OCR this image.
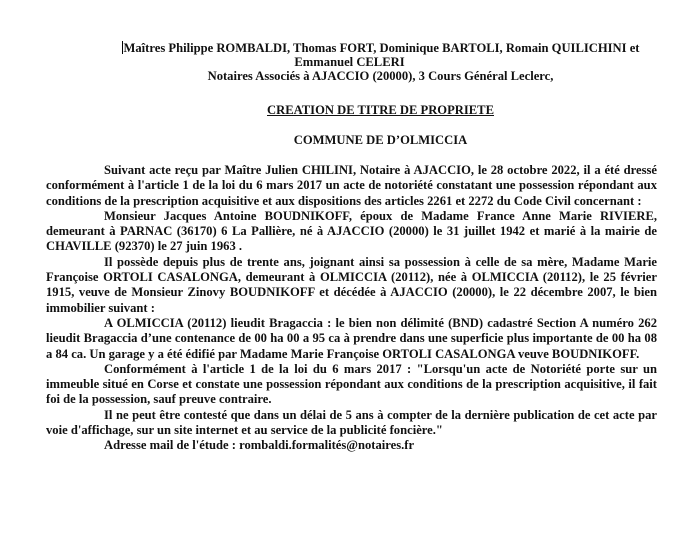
Maîtres Philippe ROMBALDI, Thomas FORT, Dominique BARTOLI, Romain QUILICHINI et
Emmanuel CELERI
Notaires Associés à AJACCIO (20000), 3 Cours Général Leclerc,
CREATION DE TITRE DE PROPRIETE
COMMUNE DE D’OLMICCIA

Suivant acte reçu par Maître Julien CHILINI, Notaire à AJACCIO, le 28 octobre 2022, il a été dressé conformément à l'article 1 de la loi du 6 mars 2017 un acte de notoriété constatant une possession répondant aux conditions de la prescription acquisitive et aux dispositions des articles 2261 et 2272 du Code Civil concernant :

Monsieur Jacques Antoine BOUDNIKOFF, époux de Madame France Anne Marie RIVIERE, demeurant à PARNAC (36170) 6 La Pallière, né à AJACCIO (20000) le 31 juillet 1942 et marié à la mairie de CHAVILLE (92370) le 27 juin 1963 .

Il possède depuis plus de trente ans, joignant ainsi sa possession à celle de sa mère, Madame Marie Françoise ORTOLI CASALONGA, demeurant à OLMICCIA (20112), née à OLMICCIA (20112), le 25 février 1915, veuve de Monsieur Zinovy BOUDNIKOFF et décédée à AJACCIO (20000), le 22 décembre 2007, le bien immobilier suivant :

A OLMICCIA (20112) lieudit Bragaccia : le bien non délimité (BND) cadastré Section A numéro 262 lieudit Bragaccia d’une contenance de 00 ha 00 a 95 ca à prendre dans une superficie plus importante de 00 ha 08 a 84 ca. Un garage y a été édifié par Madame Marie Françoise ORTOLI CASALONGA veuve BOUDNIKOFF.

Conformément à l'article 1 de la loi du 6 mars 2017 : "Lorsqu'un acte de Notoriété porte sur un immeuble situé en Corse et constate une possession répondant aux conditions de la prescription acquisitive, il fait foi de la possession, sauf preuve contraire.

Il ne peut être contesté que dans un délai de 5 ans à compter de la dernière publication de cet acte par voie d'affichage, sur un site internet et au service de la publicité foncière."

Adresse mail de l'étude : rombaldi.formalités@notaires.fr
